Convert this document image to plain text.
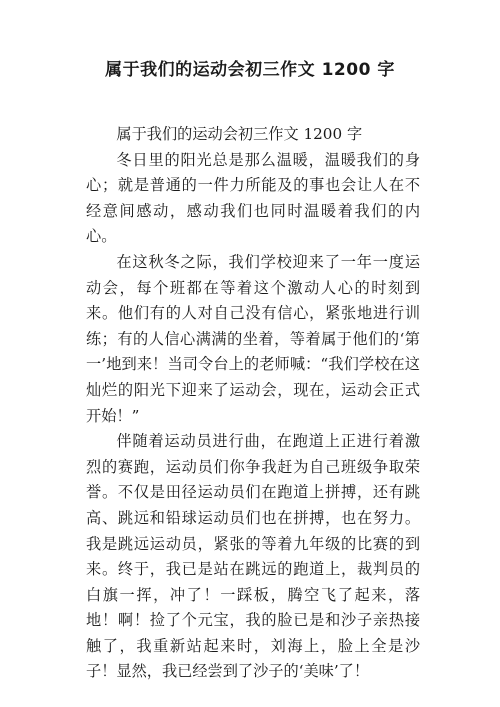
属于我们的运动会初三作文 1200 字

属于我们的运动会初三作文 1200 字

冬日里的阳光总是那么温暖，温暖我们的身心；就是普通的一件力所能及的事也会让人在不经意间感动，感动我们也同时温暖着我们的内心。

在这秋冬之际，我们学校迎来了一年一度运动会，每个班都在等着这个激动人心的时刻到来。他们有的人对自己没有信心，紧张地进行训练；有的人信心满满的坐着，等着属于他们的‘第一’地到来！当司令台上的老师喊：“我们学校在这灿烂的阳光下迎来了运动会，现在，运动会正式开始！”

伴随着运动员进行曲，在跑道上正进行着激烈的赛跑，运动员们你争我赶为自己班级争取荣誉。不仅是田径运动员们在跑道上拼搏，还有跳高、跳远和铅球运动员们也在拼搏，也在努力。我是跳远运动员，紧张的等着九年级的比赛的到来。终于，我已是站在跳远的跑道上，裁判员的白旗一挥，冲了！一踩板，腾空飞了起来，落地！啊！捡了个元宝，我的脸已是和沙子亲热接触了，我重新站起来时，刘海上，脸上全是沙子！显然，我已经尝到了沙子的‘美味’了！
